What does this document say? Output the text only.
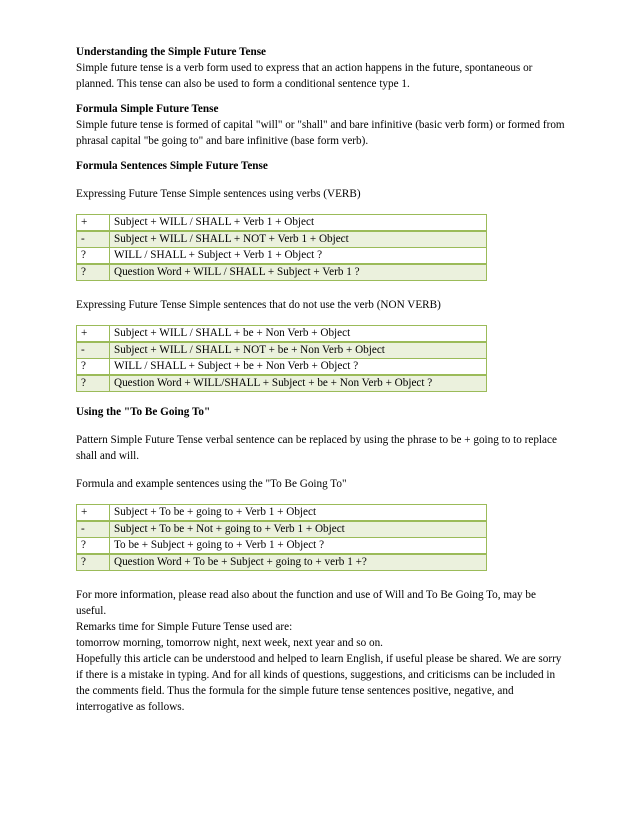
Understanding the Simple Future Tense

Simple future tense is a verb form used to express that an action happens in the future, spontaneous or planned. This tense can also be used to form a conditional sentence type 1.

Formula Simple Future Tense

Simple future tense is formed of capital "will" or "shall" and bare infinitive (basic verb form) or formed from phrasal capital "be going to" and bare infinitive (base form verb).

Formula Sentences Simple Future Tense

Expressing Future Tense Simple sentences using verbs (VERB)

+	Subject + WILL / SHALL + Verb 1 + Object
-	Subject + WILL / SHALL + NOT + Verb 1 + Object
?	WILL / SHALL + Subject + Verb 1 + Object ?
?	Question Word + WILL / SHALL + Subject + Verb 1 ?

Expressing Future Tense Simple sentences that do not use the verb (NON VERB)

+	Subject + WILL / SHALL + be + Non Verb + Object
-	Subject + WILL / SHALL + NOT + be + Non Verb + Object
?	WILL / SHALL + Subject + be + Non Verb + Object ?
?	Question Word + WILL/SHALL + Subject + be + Non Verb + Object ?

Using the "To Be Going To"

Pattern Simple Future Tense verbal sentence can be replaced by using the phrase to be + going to to replace shall and will.

Formula and example sentences using the "To Be Going To"

+	Subject + To be + going to + Verb 1 + Object
-	Subject + To be + Not + going to + Verb 1 + Object
?	To be + Subject + going to + Verb 1 + Object ?
?	Question Word + To be + Subject + going to + verb 1 +?

For more information, please read also about the function and use of Will and To Be Going To, may be useful.

Remarks time for Simple Future Tense used are:

tomorrow morning, tomorrow night, next week, next year and so on.

Hopefully this article can be understood and helped to learn English, if useful please be shared. We are sorry if there is a mistake in typing. And for all kinds of questions, suggestions, and criticisms can be included in the comments field. Thus the formula for the simple future tense sentences positive, negative, and interrogative as follows.
